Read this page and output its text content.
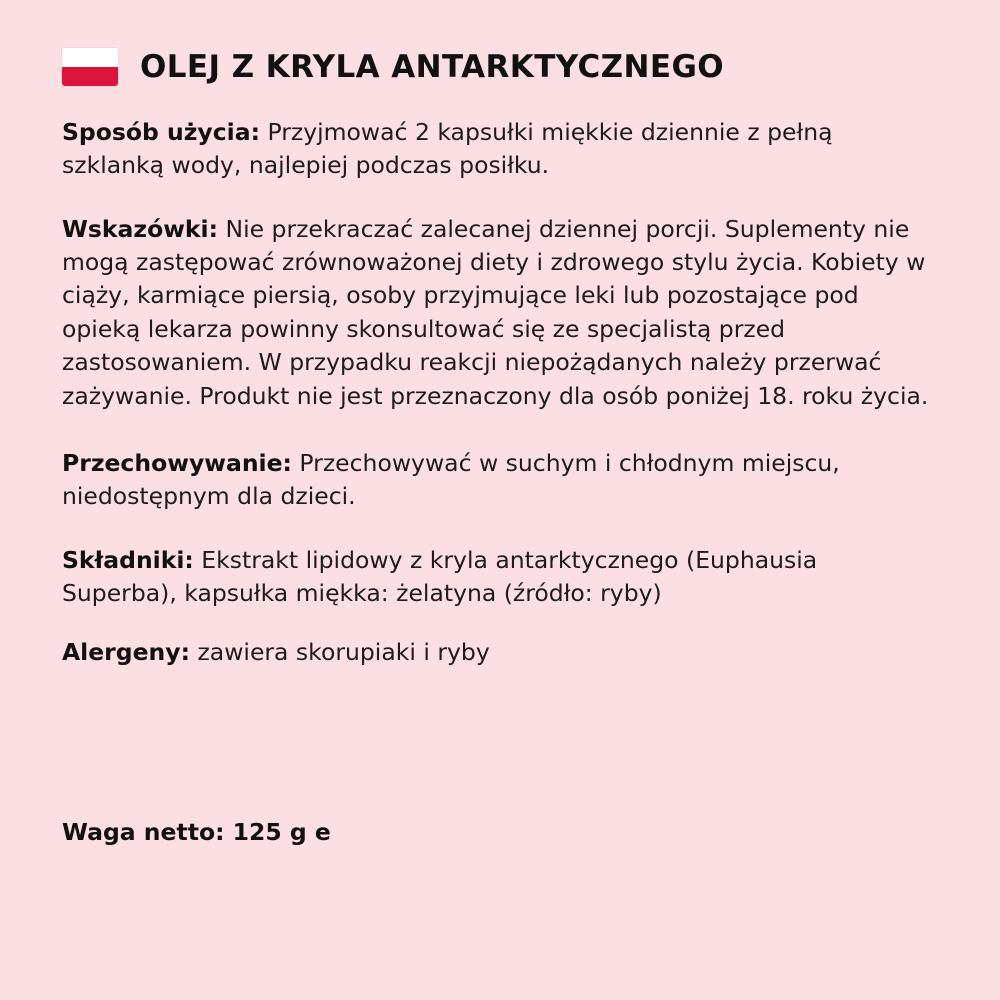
OLEJ Z KRYLA ANTARKTYCZNEGO

Sposób użycia: Przyjmować 2 kapsułki miękkie dziennie z pełną szklanką wody, najlepiej podczas posiłku.

Wskazówki: Nie przekraczać zalecanej dziennej porcji. Suplementy nie mogą zastępować zrównoważonej diety i zdrowego stylu życia. Kobiety w ciąży, karmiące piersią, osoby przyjmujące leki lub pozostające pod opieką lekarza powinny skonsultować się ze specjalistą przed zastosowaniem. W przypadku reakcji niepożądanych należy przerwać zażywanie. Produkt nie jest przeznaczony dla osób poniżej 18. roku życia.

Przechowywanie: Przechowywać w suchym i chłodnym miejscu, niedostępnym dla dzieci.

Składniki: Ekstrakt lipidowy z kryla antarktycznego (Euphausia Superba), kapsułka miękka: żelatyna (źródło: ryby)

Alergeny: zawiera skorupiaki i ryby

Waga netto: 125 g e
